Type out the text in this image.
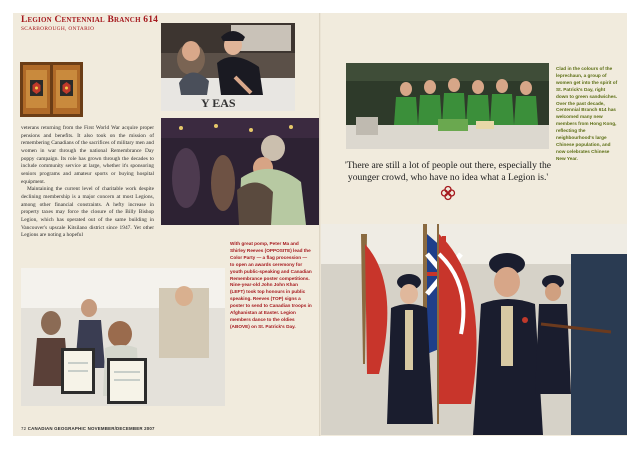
Legion Centennial Branch 614
SCARBOROUGH, ONTARIO
Y EAS

veterans returning from the First World War acquire proper pensions and benefits. It also took on the mission of remembering Canadians of the sacrifices of military men and women in war through the national Remembrance Day poppy campaign. Its role has grown through the decades to include community service at large, whether it's sponsoring seniors programs and amateur sports or buying hospital equipment.

Maintaining the current level of charitable work despite declining membership is a major concern at most Legions, among other financial constraints. A hefty increase in property taxes may force the closure of the Billy Bishop Legion, which has operated out of the same building in Vancouver's upscale Kitsilano district since 1947. Yet other Legions are noting a hopeful

Clad in the colours of the leprechaun, a group of women get into the spirit of St. Patrick's Day, right down to green sandwiches. Over the past decade, Centennial Branch 614 has welcomed many new members from Hong Kong, reflecting the neighbourhood's large Chinese population, and now celebrates Chinese New Year.

'There are still a lot of people out there, especially the younger crowd, who have no idea what a Legion is.'

With great pomp, Peter Ma and Shirley Reeves (OPPOSITE) lead the Color Party — a flag procession — to open an awards ceremony for youth public-speaking and Canadian Remembrance poster competitions. Nine-year-old John John Khan (LEFT) took top honours in public speaking. Reeves (TOP) signs a poster to send to Canadian troops in Afghanistan at Easter. Legion members dance to the oldies (ABOVE) on St. Patrick's Day.

72 CANADIAN GEOGRAPHIC NOVEMBER/DECEMBER 2007
